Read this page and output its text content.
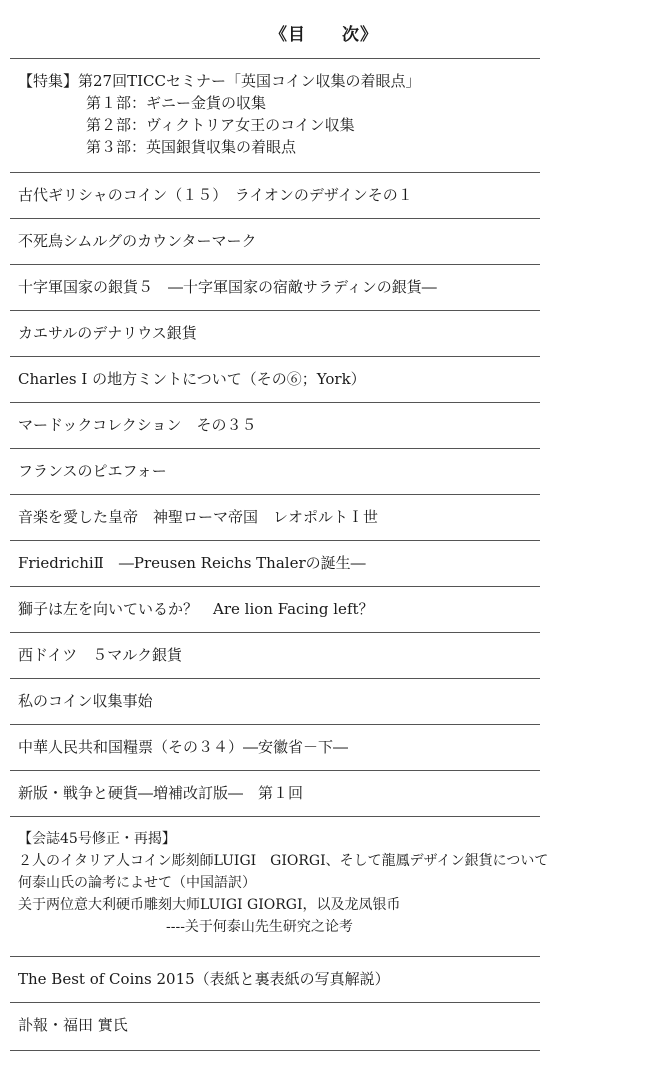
《目　　次》
【特集】第27回TICCセミナー「英国コイン収集の着眼点」
第１部：ギニー金貨の収集
第２部：ヴィクトリア女王のコイン収集
第３部：英国銀貨収集の着眼点
古代ギリシャのコイン（１５）　ライオンのデザインその１
不死鳥シムルグのカウンターマーク
十字軍国家の銀貨５　―十字軍国家の宿敵サラディンの銀貨―
カエサルのデナリウス銀貨
Charles I の地方ミントについて（その⑥；York）
マードックコレクション　その３５
フランスのピエフォー
音楽を愛した皇帝　神聖ローマ帝国　レオポルトＩ世
FriedrichiⅡ　―Preusen Reichs Thalerの誕生―
獅子は左を向いているか？　Are lion Facing left？
西ドイツ　５マルク銀貨
私のコイン収集事始
中華人民共和国糧票（その３４）―安徽省－下―
新版・戦争と硬貨―増補改訂版―　第１回
【会誌45号修正・再揭】
２人のイタリア人コイン彫刻師LUIGI　GIORGI、そして龍鳳デザイン銀貨について
何泰山氏の論考によせて（中国語訳）
关于两位意大利硬币雕刻大师LUIGI GIORGI，以及龙凤银币
----关于何泰山先生研究之论考
The Best of Coins 2015（表紙と裏表紙の写真解説）
訃報・福田 實氏
